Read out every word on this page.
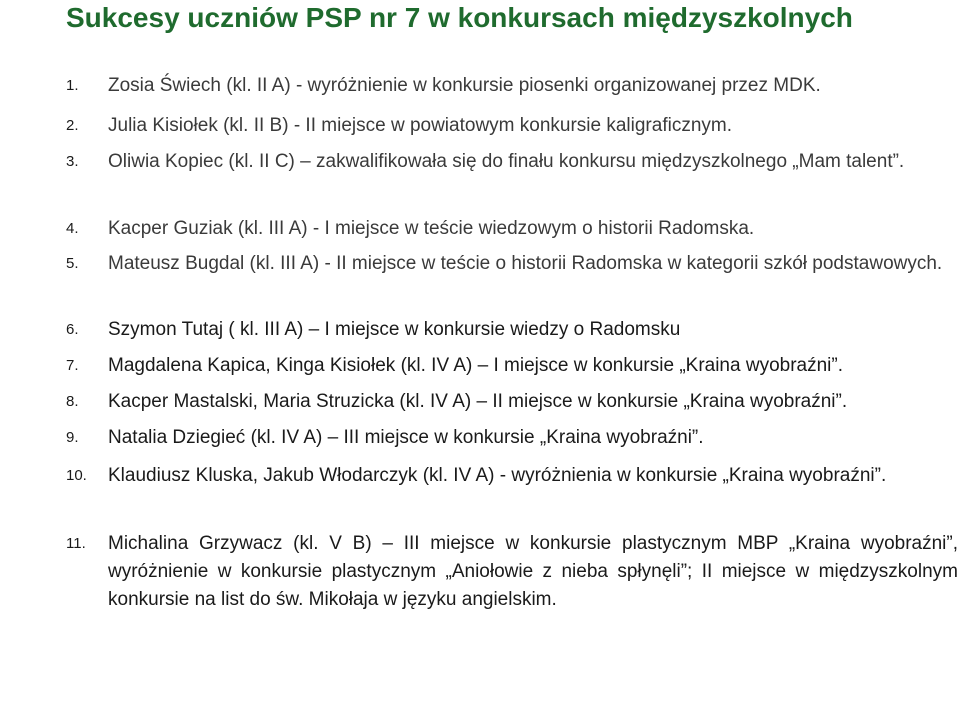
Sukcesy uczniów PSP nr 7 w konkursach międzyszkolnych
1.	Zosia Świech (kl. II A) - wyróżnienie w konkursie piosenki organizowanej przez MDK.
2.	Julia Kisiołek (kl. II B) - II miejsce w powiatowym konkursie kaligraficznym.
3.	Oliwia Kopiec (kl. II C) – zakwalifikowała się do finału konkursu międzyszkolnego „Mam talent”.
4.	Kacper Guziak (kl. III A) - I miejsce w teście wiedzowym o historii Radomska.
5.	Mateusz Bugdal (kl. III A) - II miejsce w teście o historii Radomska w kategorii szkół podstawowych.
6.	Szymon Tutaj ( kl. III A) – I miejsce w konkursie wiedzy o Radomsku
7.	Magdalena Kapica, Kinga Kisiołek (kl. IV A) – I miejsce w konkursie „Kraina wyobraźni”.
8.	Kacper Mastalski, Maria Struzicka (kl. IV A) – II miejsce w konkursie „Kraina wyobraźni”.
9.	Natalia Dziegieć (kl. IV A) – III miejsce w konkursie „Kraina wyobraźni”.
10.	Klaudiusz Kluska, Jakub Włodarczyk (kl. IV A) - wyróżnienia w konkursie „Kraina wyobraźni”.
11.	Michalina Grzywacz (kl. V B) – III miejsce w konkursie plastycznym MBP „Kraina wyobraźni”, wyróżnienie w konkursie plastycznym „Aniołowie z nieba spłynęli”; II miejsce w międzyszkolnym konkursie na list do św. Mikołaja w języku angielskim.
